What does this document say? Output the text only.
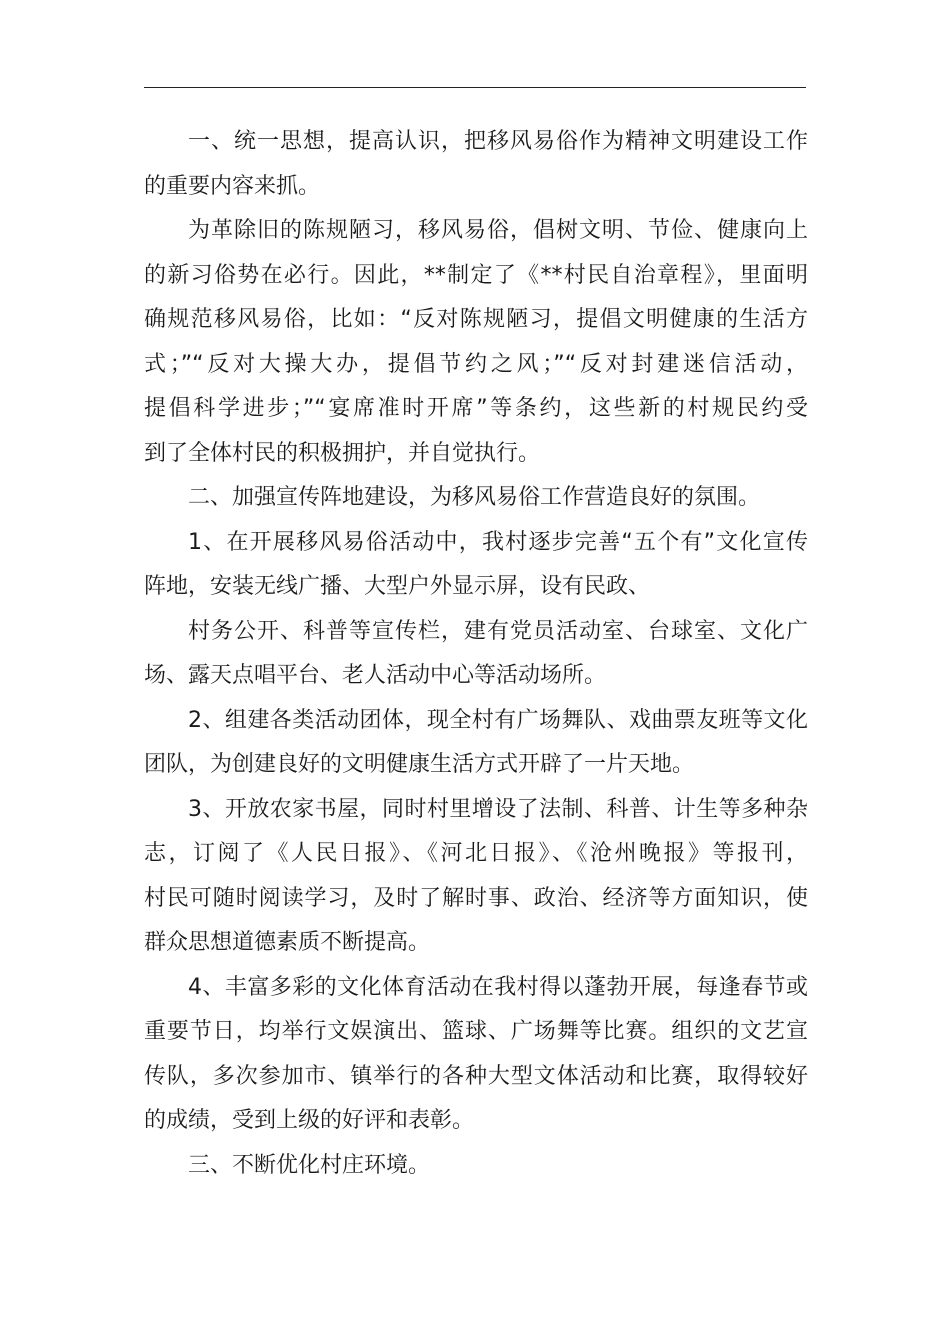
一、统一思想，提高认识，把移风易俗作为精神文明建设工作
的重要内容来抓。
为革除旧的陈规陋习，移风易俗，倡树文明、节俭、健康向上
的新习俗势在必行。因此，**制定了《**村民自治章程》，里面明
确规范移风易俗，比如：“反对陈规陋习，提倡文明健康的生活方
式；”“反对大操大办，提倡节约之风；”“反对封建迷信活动，
提倡科学进步；”“宴席准时开席”等条约，这些新的村规民约受
到了全体村民的积极拥护，并自觉执行。
二、加强宣传阵地建设，为移风易俗工作营造良好的氛围。
1、在开展移风易俗活动中，我村逐步完善“五个有”文化宣传
阵地，安装无线广播、大型户外显示屏，设有民政、
村务公开、科普等宣传栏，建有党员活动室、台球室、文化广
场、露天点唱平台、老人活动中心等活动场所。
2、组建各类活动团体，现全村有广场舞队、戏曲票友班等文化
团队，为创建良好的文明健康生活方式开辟了一片天地。
3、开放农家书屋，同时村里增设了法制、科普、计生等多种杂
志，订阅了《人民日报》、《河北日报》、《沧州晚报》等报刊，
村民可随时阅读学习，及时了解时事、政治、经济等方面知识，使
群众思想道德素质不断提高。
4、丰富多彩的文化体育活动在我村得以蓬勃开展，每逢春节或
重要节日，均举行文娱演出、篮球、广场舞等比赛。组织的文艺宣
传队，多次参加市、镇举行的各种大型文体活动和比赛，取得较好
的成绩，受到上级的好评和表彰。
三、不断优化村庄环境。
